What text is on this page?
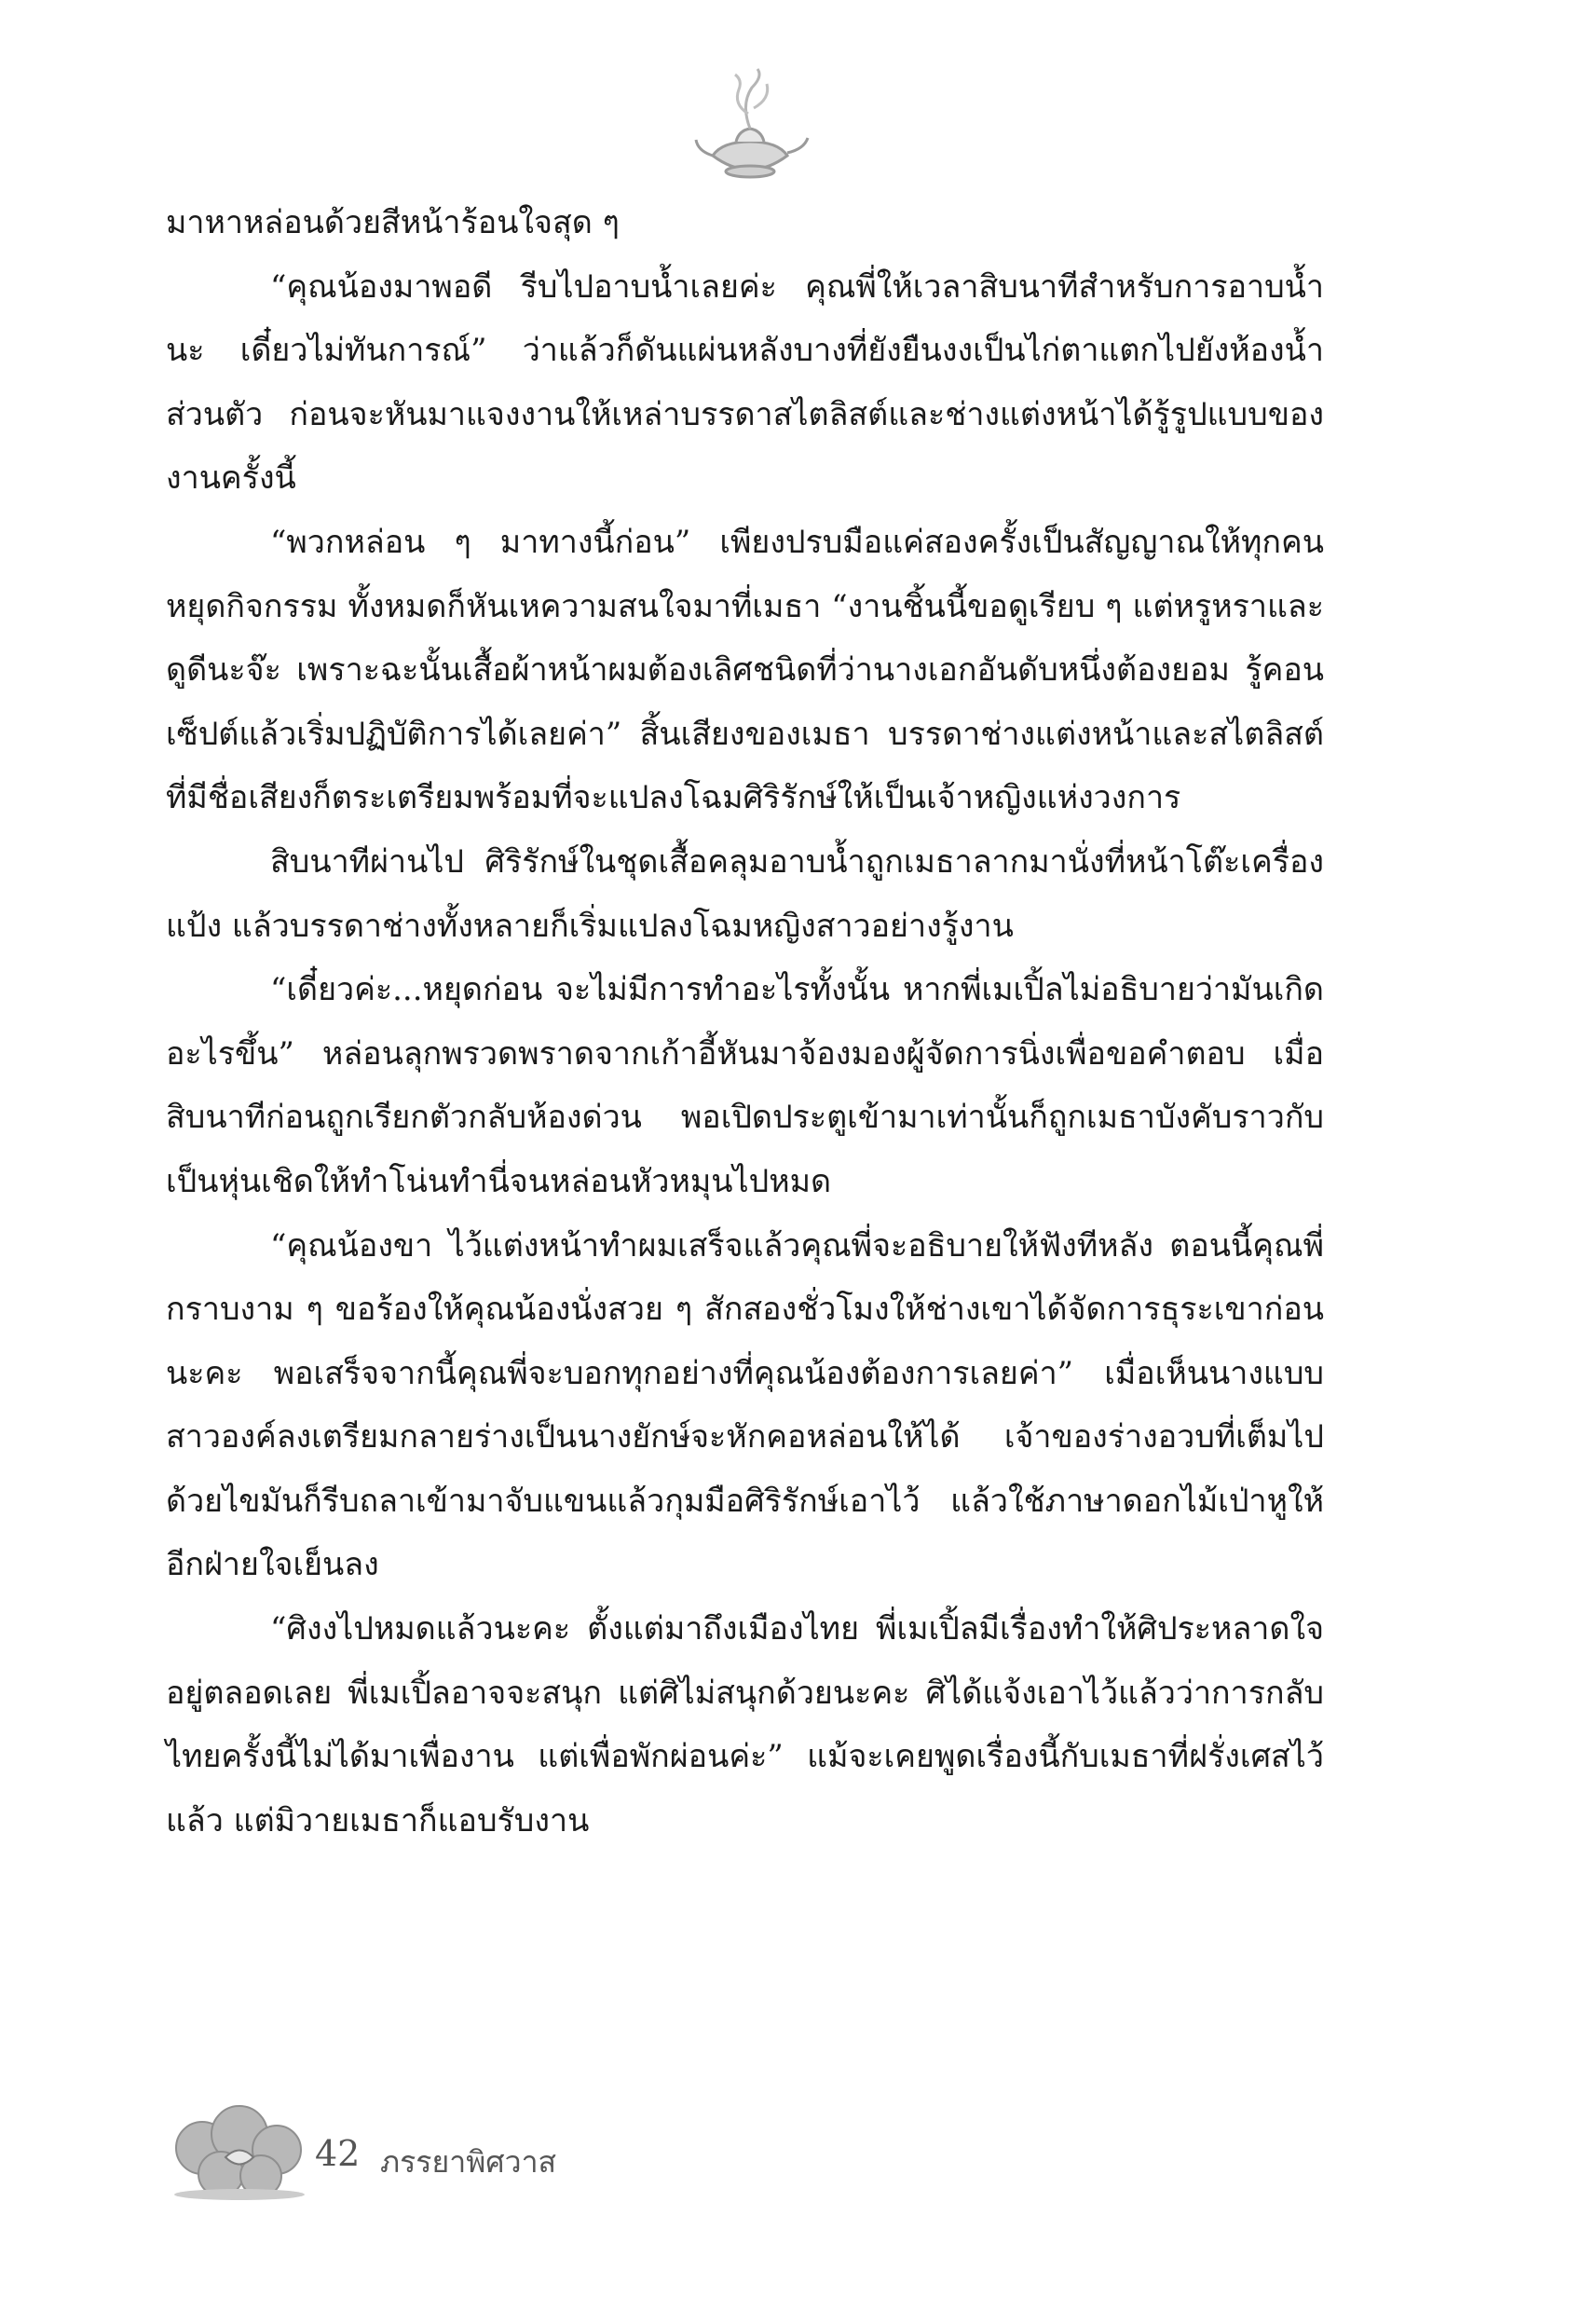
มาหาหล่อนด้วยสีหน้าร้อนใจสุด ๆ

“คุณน้องมาพอดี รีบไปอาบน้ำเลยค่ะ คุณพี่ให้เวลาสิบนาทีสำหรับการอาบน้ำนะ เดี๋ยวไม่ทันการณ์” ว่าแล้วก็ดันแผ่นหลังบางที่ยังยืนงงเป็นไก่ตาแตกไปยังห้องน้ำส่วนตัว ก่อนจะหันมาแจงงานให้เหล่าบรรดาสไตลิสต์และช่างแต่งหน้าได้รู้รูปแบบของงานครั้งนี้

“พวกหล่อน ๆ มาทางนี้ก่อน” เพียงปรบมือแค่สองครั้งเป็นสัญญาณให้ทุกคนหยุดกิจกรรม ทั้งหมดก็หันเหความสนใจมาที่เมธา “งานชิ้นนี้ขอดูเรียบ ๆ แต่หรูหราและดูดีนะจ๊ะ เพราะฉะนั้นเสื้อผ้าหน้าผมต้องเลิศชนิดที่ว่านางเอกอันดับหนึ่งต้องยอม รู้คอนเซ็ปต์แล้วเริ่มปฏิบัติการได้เลยค่า” สิ้นเสียงของเมธา บรรดาช่างแต่งหน้าและสไตลิสต์ที่มีชื่อเสียงก็ตระเตรียมพร้อมที่จะแปลงโฉมศิริรักษ์ให้เป็นเจ้าหญิงแห่งวงการ

สิบนาทีผ่านไป ศิริรักษ์ในชุดเสื้อคลุมอาบน้ำถูกเมธาลากมานั่งที่หน้าโต๊ะเครื่องแป้ง แล้วบรรดาช่างทั้งหลายก็เริ่มแปลงโฉมหญิงสาวอย่างรู้งาน

“เดี๋ยวค่ะ...หยุดก่อน จะไม่มีการทำอะไรทั้งนั้น หากพี่เมเปิ้ลไม่อธิบายว่ามันเกิดอะไรขึ้น” หล่อนลุกพรวดพราดจากเก้าอี้หันมาจ้องมองผู้จัดการนิ่งเพื่อขอคำตอบ เมื่อสิบนาทีก่อนถูกเรียกตัวกลับห้องด่วน พอเปิดประตูเข้ามาเท่านั้นก็ถูกเมธาบังคับราวกับเป็นหุ่นเชิดให้ทำโน่นทำนี่จนหล่อนหัวหมุนไปหมด

“คุณน้องขา ไว้แต่งหน้าทำผมเสร็จแล้วคุณพี่จะอธิบายให้ฟังทีหลัง ตอนนี้คุณพี่กราบงาม ๆ ขอร้องให้คุณน้องนั่งสวย ๆ สักสองชั่วโมงให้ช่างเขาได้จัดการธุระเขาก่อนนะคะ พอเสร็จจากนี้คุณพี่จะบอกทุกอย่างที่คุณน้องต้องการเลยค่า” เมื่อเห็นนางแบบสาวองค์ลงเตรียมกลายร่างเป็นนางยักษ์จะหักคอหล่อนให้ได้ เจ้าของร่างอวบที่เต็มไปด้วยไขมันก็รีบถลาเข้ามาจับแขนแล้วกุมมือศิริรักษ์เอาไว้ แล้วใช้ภาษาดอกไม้เป่าหูให้อีกฝ่ายใจเย็นลง

“ศิงงไปหมดแล้วนะคะ ตั้งแต่มาถึงเมืองไทย พี่เมเปิ้ลมีเรื่องทำให้ศิประหลาดใจอยู่ตลอดเลย พี่เมเปิ้ลอาจจะสนุก แต่ศิไม่สนุกด้วยนะคะ ศิได้แจ้งเอาไว้แล้วว่าการกลับไทยครั้งนี้ไม่ได้มาเพื่องาน แต่เพื่อพักผ่อนค่ะ” แม้จะเคยพูดเรื่องนี้กับเมธาที่ฝรั่งเศสไว้แล้ว แต่มิวายเมธาก็แอบรับงาน

42 ภรรยาพิศวาส
